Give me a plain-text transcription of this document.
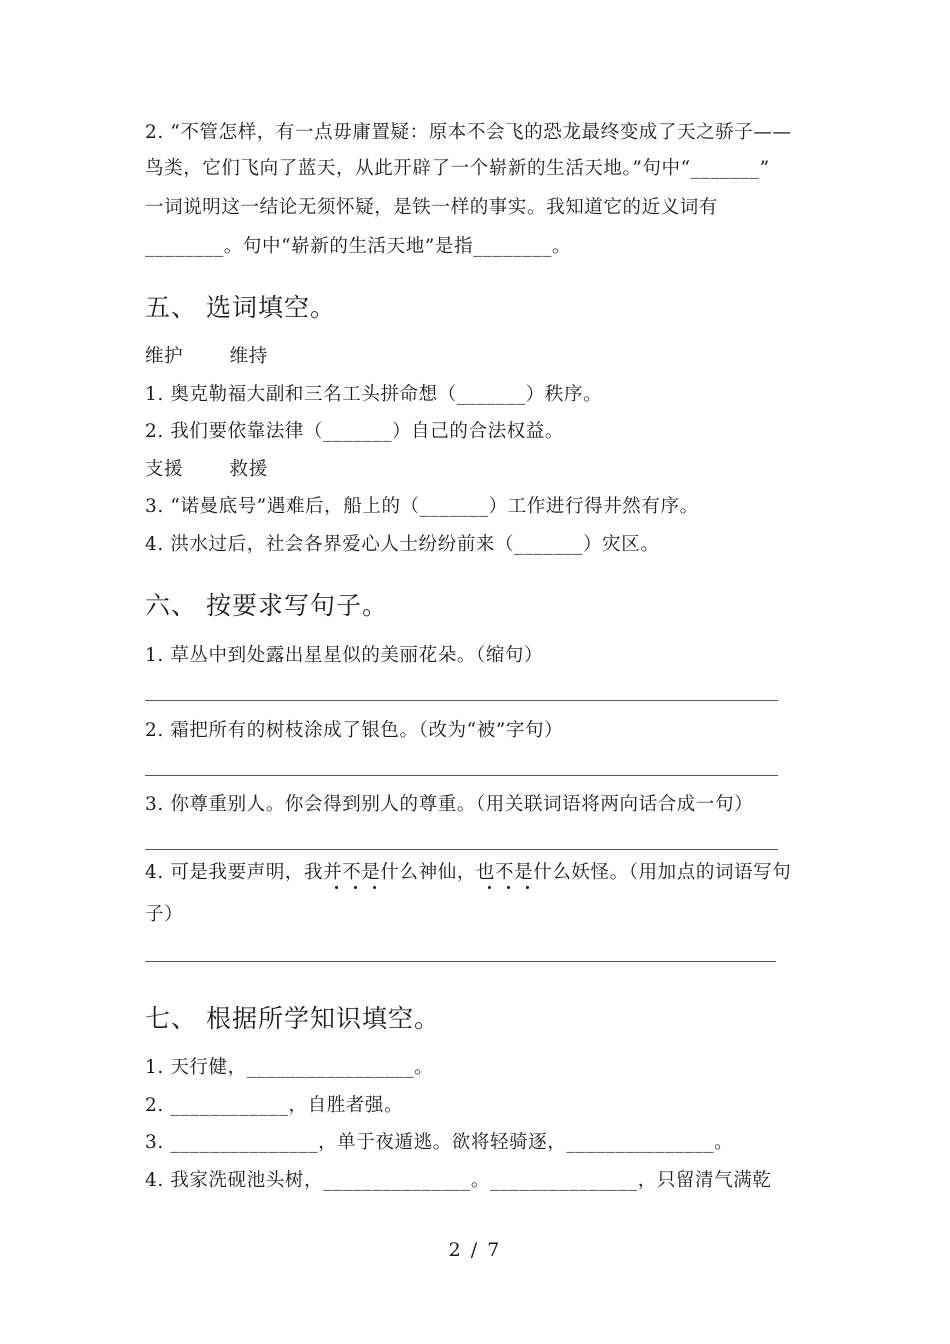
2. “不管怎样，有一点毋庸置疑：原本不会飞的恐龙最终变成了天之骄子——
鸟类，它们飞向了蓝天，从此开辟了一个崭新的生活天地。”句中“_______”
一词说明这一结论无须怀疑，是铁一样的事实。我知道它的近义词有
________。句中“崭新的生活天地”是指________。
五、 选词填空。
维护 维持
1. 奥克勒福大副和三名工头拼命想（_______）秩序。
2. 我们要依靠法律（_______）自己的合法权益。
支援 救援
3. “诺曼底号”遇难后，船上的（_______）工作进行得井然有序。
4. 洪水过后，社会各界爱心人士纷纷前来（_______）灾区。
六、 按要求写句子。
1. 草丛中到处露出星星似的美丽花朵。（缩句）
2. 霜把所有的树枝涂成了银色。（改为“被”字句）
3. 你尊重别人。你会得到别人的尊重。（用关联词语将两向话合成一句）
4. 可是我要声明，我并不是什么神仙，也不是什么妖怪。（用加点的词语写句
子）
七、 根据所学知识填空。
1. 天行健，_________________。
2. ____________，自胜者强。
3. _______________，单于夜遁逃。欲将轻骑逐，_______________。
4. 我家洗砚池头树，_______________。_______________，只留清气满乾
2 / 7
